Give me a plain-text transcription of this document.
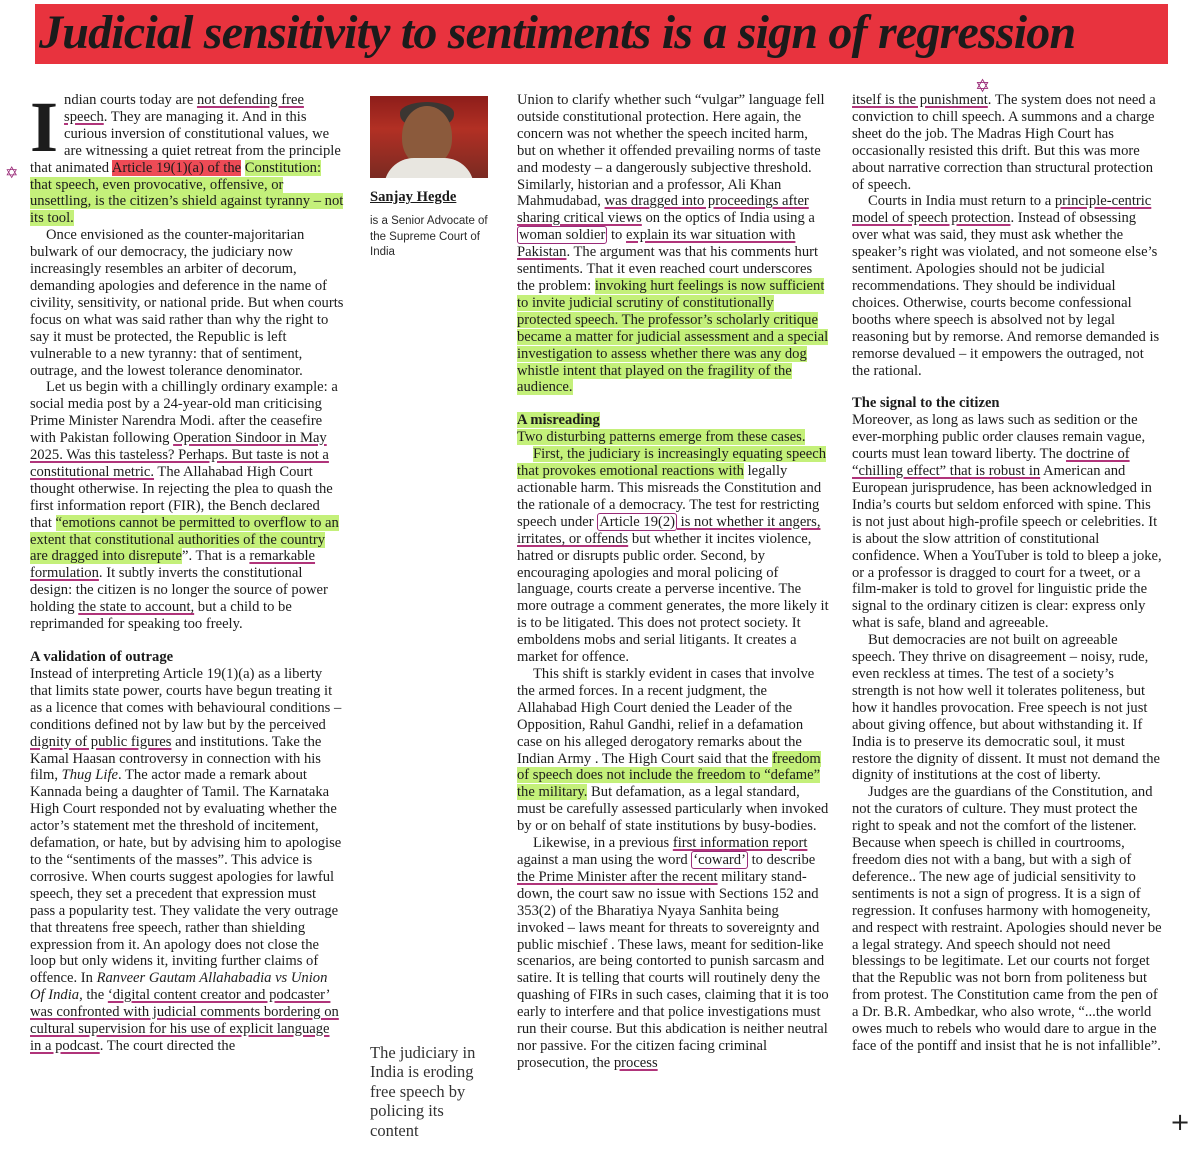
Judicial sensitivity to sentiments is a sign of regression

Indian courts today are not defending free speech. They are managing it. And in this curious inversion of constitutional values, we are witnessing a quiet retreat from the principle that animated Article 19(1)(a) of the Constitution: that speech, even provocative, offensive, or unsettling, is the citizen’s shield against tyranny – not its tool.

Once envisioned as the counter-majoritarian bulwark of our democracy, the judiciary now increasingly resembles an arbiter of decorum, demanding apologies and deference in the name of civility, sensitivity, or national pride. But when courts focus on what was said rather than why the right to say it must be protected, the Republic is left vulnerable to a new tyranny: that of sentiment, outrage, and the lowest tolerance denominator.

Let us begin with a chillingly ordinary example: a social media post by a 24-year-old man criticising Prime Minister Narendra Modi. after the ceasefire with Pakistan following Operation Sindoor in May 2025. Was this tasteless? Perhaps. But taste is not a constitutional metric. The Allahabad High Court thought otherwise. In rejecting the plea to quash the first information report (FIR), the Bench declared that “emotions cannot be permitted to overflow to an extent that constitutional authorities of the country are dragged into disrepute”. That is a remarkable formulation. It subtly inverts the constitutional design: the citizen is no longer the source of power holding the state to account, but a child to be reprimanded for speaking too freely.

A validation of outrage

Instead of interpreting Article 19(1)(a) as a liberty that limits state power, courts have begun treating it as a licence that comes with behavioural conditions – conditions defined not by law but by the perceived dignity of public figures and institutions. Take the Kamal Haasan controversy in connection with his film, Thug Life. The actor made a remark about Kannada being a daughter of Tamil. The Karnataka High Court responded not by evaluating whether the actor’s statement met the threshold of incitement, defamation, or hate, but by advising him to apologise to the “sentiments of the masses”. This advice is corrosive. When courts suggest apologies for lawful speech, they set a precedent that expression must pass a popularity test. They validate the very outrage that threatens free speech, rather than shielding expression from it. An apology does not close the loop but only widens it, inviting further claims of offence. In Ranveer Gautam Allahabadia vs Union Of India, the ‘digital content creator and podcaster’ was confronted with judicial comments bordering on cultural supervision for his use of explicit language in a podcast. The court directed the

Sanjay Hegde
is a Senior Advocate of the Supreme Court of India
The judiciary in India is eroding free speech by policing its content

Union to clarify whether such “vulgar” language fell outside constitutional protection. Here again, the concern was not whether the speech incited harm, but on whether it offended prevailing norms of taste and modesty – a dangerously subjective threshold. Similarly, historian and a professor, Ali Khan Mahmudabad, was dragged into proceedings after sharing critical views on the optics of India using a woman soldier to explain its war situation with Pakistan. The argument was that his comments hurt sentiments. That it even reached court underscores the problem: invoking hurt feelings is now sufficient to invite judicial scrutiny of constitutionally protected speech. The professor’s scholarly critique became a matter for judicial assessment and a special investigation to assess whether there was any dog whistle intent that played on the fragility of the audience.

A misreading

Two disturbing patterns emerge from these cases.

First, the judiciary is increasingly equating speech that provokes emotional reactions with legally actionable harm. This misreads the Constitution and the rationale of a democracy. The test for restricting speech under Article 19(2) is not whether it angers, irritates, or offends but whether it incites violence, hatred or disrupts public order. Second, by encouraging apologies and moral policing of language, courts create a perverse incentive. The more outrage a comment generates, the more likely it is to be litigated. This does not protect society. It emboldens mobs and serial litigants. It creates a market for offence.

This shift is starkly evident in cases that involve the armed forces. In a recent judgment, the Allahabad High Court denied the Leader of the Opposition, Rahul Gandhi, relief in a defamation case on his alleged derogatory remarks about the Indian Army . The High Court said that the freedom of speech does not include the freedom to “defame” the military. But defamation, as a legal standard, must be carefully assessed particularly when invoked by or on behalf of state institutions by busy-bodies.

Likewise, in a previous first information report against a man using the word ‘coward’ to describe the Prime Minister after the recent military stand-down, the court saw no issue with Sections 152 and 353(2) of the Bharatiya Nyaya Sanhita being invoked – laws meant for threats to sovereignty and public mischief . These laws, meant for sedition-like scenarios, are being contorted to punish sarcasm and satire. It is telling that courts will routinely deny the quashing of FIRs in such cases, claiming that it is too early to interfere and that police investigations must run their course. But this abdication is neither neutral nor passive. For the citizen facing criminal prosecution, the process

itself is the punishment. The system does not need a conviction to chill speech. A summons and a charge sheet do the job. The Madras High Court has occasionally resisted this drift. But this was more about narrative correction than structural protection of speech.

Courts in India must return to a principle-centric model of speech protection. Instead of obsessing over what was said, they must ask whether the speaker’s right was violated, and not someone else’s sentiment. Apologies should not be judicial recommendations. They should be individual choices. Otherwise, courts become confessional booths where speech is absolved not by legal reasoning but by remorse. And remorse demanded is remorse devalued – it empowers the outraged, not the rational.

The signal to the citizen

Moreover, as long as laws such as sedition or the ever-morphing public order clauses remain vague, courts must lean toward liberty. The doctrine of “chilling effect” that is robust in American and European jurisprudence, has been acknowledged in India’s courts but seldom enforced with spine. This is not just about high-profile speech or celebrities. It is about the slow attrition of constitutional confidence. When a YouTuber is told to bleep a joke, or a professor is dragged to court for a tweet, or a film-maker is told to grovel for linguistic pride the signal to the ordinary citizen is clear: express only what is safe, bland and agreeable.

But democracies are not built on agreeable speech. They thrive on disagreement – noisy, rude, even reckless at times. The test of a society’s strength is not how well it tolerates politeness, but how it handles provocation. Free speech is not just about giving offence, but about withstanding it. If India is to preserve its democratic soul, it must restore the dignity of dissent. It must not demand the dignity of institutions at the cost of liberty.

Judges are the guardians of the Constitution, and not the curators of culture. They must protect the right to speak and not the comfort of the listener. Because when speech is chilled in courtrooms, freedom dies not with a bang, but with a sigh of deference.. The new age of judicial sensitivity to sentiments is not a sign of progress. It is a sign of regression. It confuses harmony with homogeneity, and respect with restraint. Apologies should never be a legal strategy. And speech should not need blessings to be legitimate. Let our courts not forget that the Republic was not born from politeness but from protest. The Constitution came from the pen of a Dr. B.R. Ambedkar, who also wrote, “...the world owes much to rebels who would dare to argue in the face of the pontiff and insist that he is not infallible”.

✡
✡
+
